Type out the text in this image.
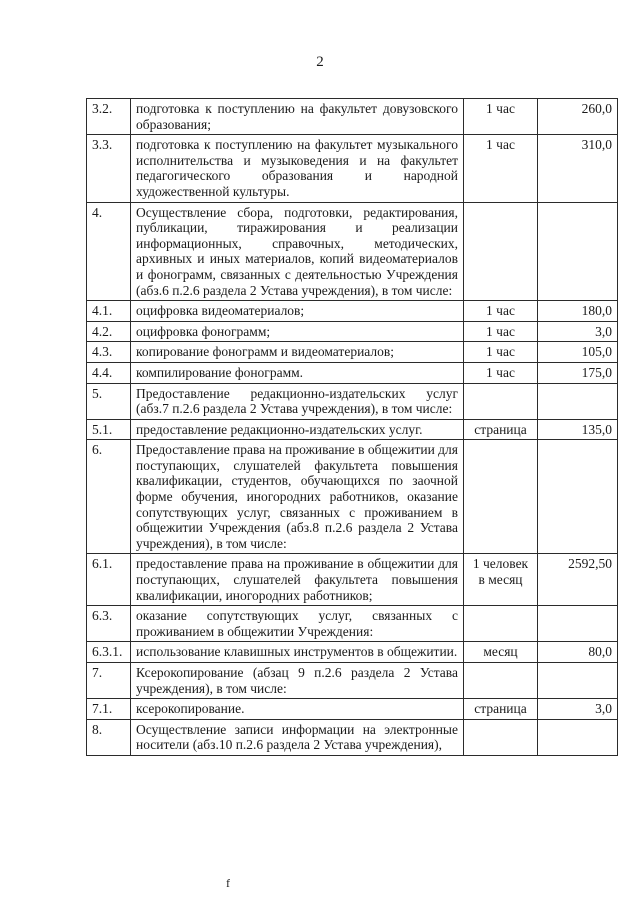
2
3.2.	подготовка к поступлению на факультет довузовского образования;	1 час	260,0
3.3.	подготовка к поступлению на факультет музыкального исполнительства и музыковедения и на факультет педагогического образования и народной художественной культуры.	1 час	310,0
4.	Осуществление сбора, подготовки, редактирования, публикации, тиражирования и реализации информационных, справочных, методических, архивных и иных материалов, копий видеоматериалов и фонограмм, связанных с деятельностью Учреждения (абз.6 п.2.6 раздела 2 Устава учреждения), в том числе:		
4.1.	оцифровка видеоматериалов;	1 час	180,0
4.2.	оцифровка фонограмм;	1 час	3,0
4.3.	копирование фонограмм и видеоматериалов;	1 час	105,0
4.4.	компилирование фонограмм.	1 час	175,0
5.	Предоставление редакционно-издательских услуг (абз.7 п.2.6 раздела 2 Устава учреждения), в том числе:		
5.1.	предоставление редакционно-издательских услуг.	страница	135,0
6.	Предоставление права на проживание в общежитии для поступающих, слушателей факультета повышения квалификации, студентов, обучающихся по заочной форме обучения, иногородних работников, оказание сопутствующих услуг, связанных с проживанием в общежитии Учреждения (абз.8 п.2.6 раздела 2 Устава учреждения), в том числе:		
6.1.	предоставление права на проживание в общежитии для поступающих, слушателей факультета повышения квалификации, иногородних работников;	1 человек в месяц	2592,50
6.3.	оказание сопутствующих услуг, связанных с проживанием в общежитии Учреждения:		
6.3.1.	использование клавишных инструментов в общежитии.	месяц	80,0
7.	Ксерокопирование (абзац 9 п.2.6 раздела 2 Устава учреждения), в том числе:		
7.1.	ксерокопирование.	страница	3,0
8.	Осуществление записи информации на электронные носители (абз.10 п.2.6 раздела 2 Устава учреждения),		
f
